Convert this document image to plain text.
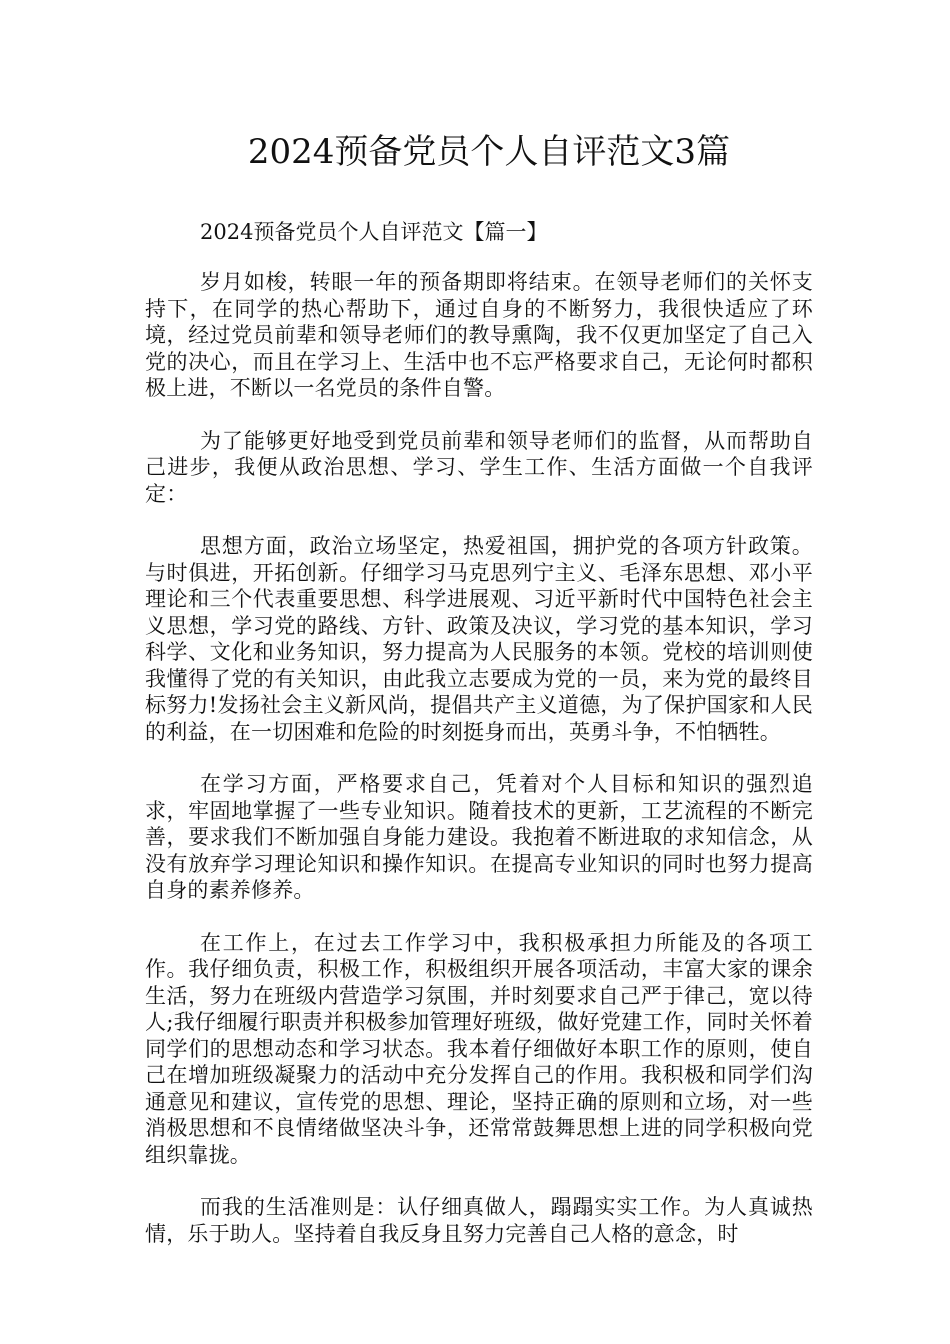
2024预备党员个人自评范文3篇

2024预备党员个人自评范文【篇一】

岁月如梭，转眼一年的预备期即将结束。在领导老师们的关怀支持下，在同学的热心帮助下，通过自身的不断努力，我很快适应了环境，经过党员前辈和领导老师们的教导熏陶，我不仅更加坚定了自己入党的决心，而且在学习上、生活中也不忘严格要求自己，无论何时都积极上进，不断以一名党员的条件自警。

为了能够更好地受到党员前辈和领导老师们的监督，从而帮助自己进步，我便从政治思想、学习、学生工作、生活方面做一个自我评定：

思想方面，政治立场坚定，热爱祖国，拥护党的各项方针政策。与时俱进，开拓创新。仔细学习马克思列宁主义、毛泽东思想、邓小平理论和三个代表重要思想、科学进展观、习近平新时代中国特色社会主义思想，学习党的路线、方针、政策及决议，学习党的基本知识，学习科学、文化和业务知识，努力提高为人民服务的本领。党校的培训则使我懂得了党的有关知识，由此我立志要成为党的一员，来为党的最终目标努力!发扬社会主义新风尚，提倡共产主义道德，为了保护国家和人民的利益，在一切困难和危险的时刻挺身而出，英勇斗争，不怕牺牲。

在学习方面，严格要求自己，凭着对个人目标和知识的强烈追求，牢固地掌握了一些专业知识。随着技术的更新，工艺流程的不断完善，要求我们不断加强自身能力建设。我抱着不断进取的求知信念，从没有放弃学习理论知识和操作知识。在提高专业知识的同时也努力提高自身的素养修养。

在工作上，在过去工作学习中，我积极承担力所能及的各项工作。我仔细负责，积极工作，积极组织开展各项活动，丰富大家的课余生活，努力在班级内营造学习氛围，并时刻要求自己严于律己，宽以待人;我仔细履行职责并积极参加管理好班级，做好党建工作，同时关怀着同学们的思想动态和学习状态。我本着仔细做好本职工作的原则，使自己在增加班级凝聚力的活动中充分发挥自己的作用。我积极和同学们沟通意见和建议，宣传党的思想、理论，坚持正确的原则和立场，对一些消极思想和不良情绪做坚决斗争，还常常鼓舞思想上进的同学积极向党组织靠拢。

而我的生活准则是：认仔细真做人，蹋蹋实实工作。为人真诚热情，乐于助人。坚持着自我反身且努力完善自己人格的意念，时
